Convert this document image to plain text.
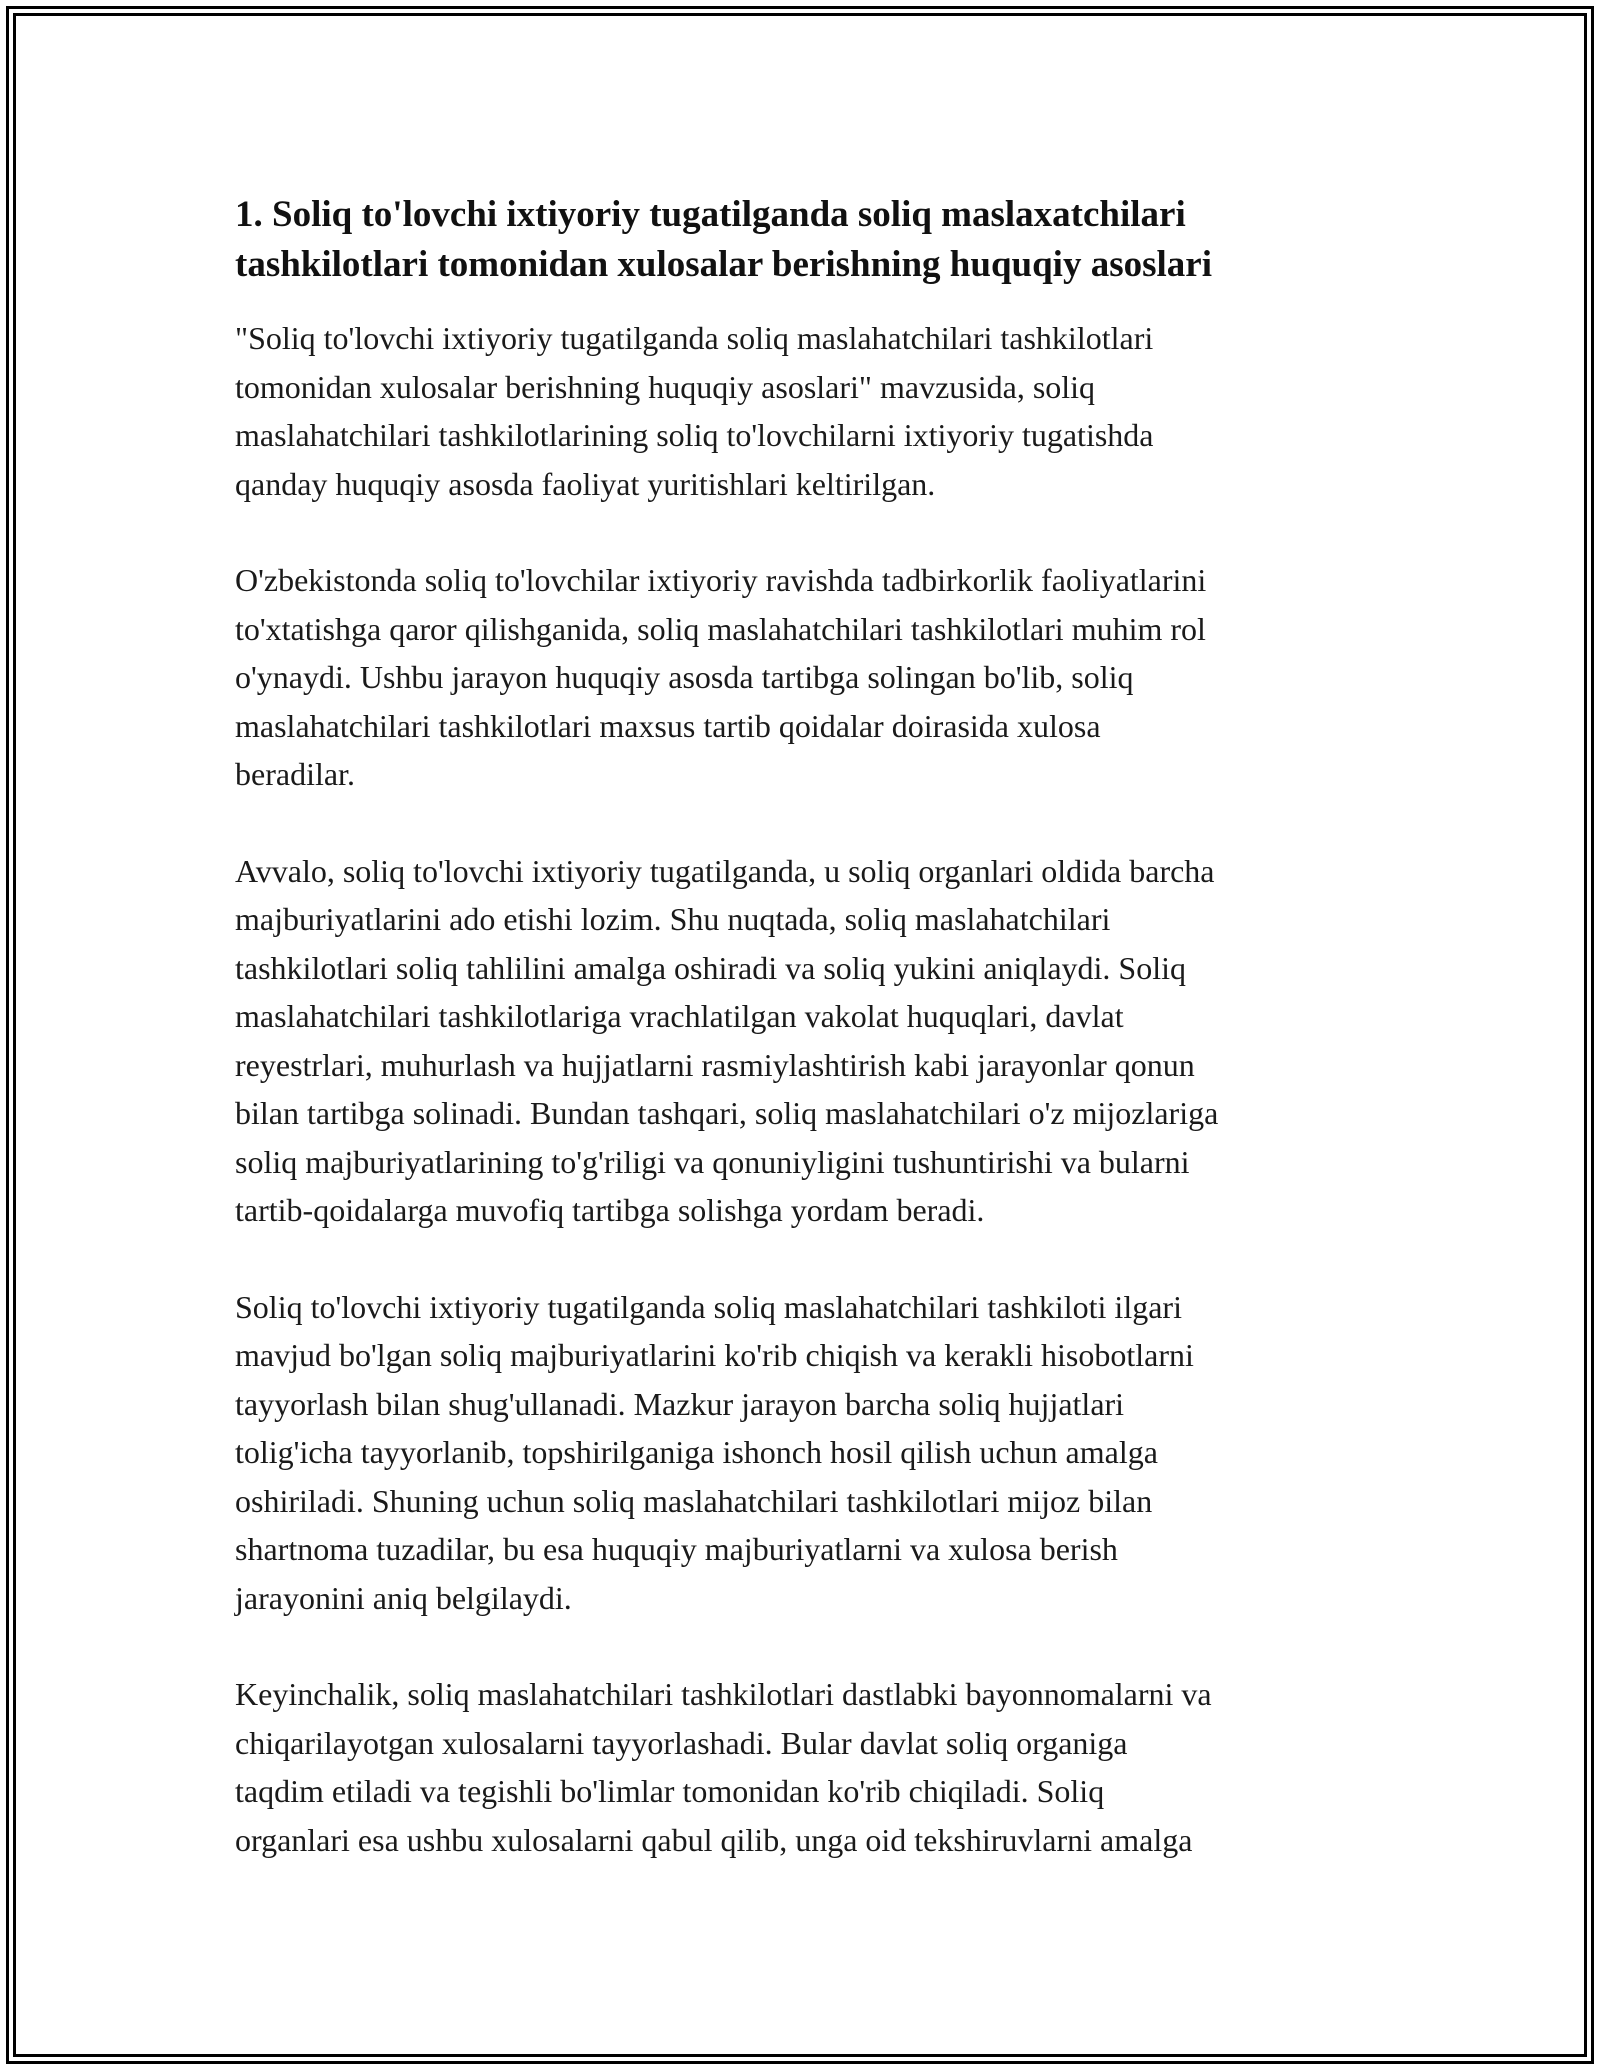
1. Soliq to'lovchi ixtiyoriy tugatilganda soliq maslaxatchilari
tashkilotlari tomonidan xulosalar berishning huquqiy asoslari

"Soliq to'lovchi ixtiyoriy tugatilganda soliq maslahatchilari tashkilotlari
tomonidan xulosalar berishning huquqiy asoslari" mavzusida, soliq
maslahatchilari tashkilotlarining soliq to'lovchilarni ixtiyoriy tugatishda
qanday huquqiy asosda faoliyat yuritishlari keltirilgan.

O'zbekistonda soliq to'lovchilar ixtiyoriy ravishda tadbirkorlik faoliyatlarini
to'xtatishga qaror qilishganida, soliq maslahatchilari tashkilotlari muhim rol
o'ynaydi. Ushbu jarayon huquqiy asosda tartibga solingan bo'lib, soliq
maslahatchilari tashkilotlari maxsus tartib qoidalar doirasida xulosa
beradilar.

Avvalo, soliq to'lovchi ixtiyoriy tugatilganda, u soliq organlari oldida barcha
majburiyatlarini ado etishi lozim. Shu nuqtada, soliq maslahatchilari
tashkilotlari soliq tahlilini amalga oshiradi va soliq yukini aniqlaydi. Soliq
maslahatchilari tashkilotlariga vrachlatilgan vakolat huquqlari, davlat
reyestrlari, muhurlash va hujjatlarni rasmiylashtirish kabi jarayonlar qonun
bilan tartibga solinadi. Bundan tashqari, soliq maslahatchilari o'z mijozlariga
soliq majburiyatlarining to'g'riligi va qonuniyligini tushuntirishi va bularni
tartib-qoidalarga muvofiq tartibga solishga yordam beradi.

Soliq to'lovchi ixtiyoriy tugatilganda soliq maslahatchilari tashkiloti ilgari
mavjud bo'lgan soliq majburiyatlarini ko'rib chiqish va kerakli hisobotlarni
tayyorlash bilan shug'ullanadi. Mazkur jarayon barcha soliq hujjatlari
tolig'icha tayyorlanib, topshirilganiga ishonch hosil qilish uchun amalga
oshiriladi. Shuning uchun soliq maslahatchilari tashkilotlari mijoz bilan
shartnoma tuzadilar, bu esa huquqiy majburiyatlarni va xulosa berish
jarayonini aniq belgilaydi.

Keyinchalik, soliq maslahatchilari tashkilotlari dastlabki bayonnomalarni va
chiqarilayotgan xulosalarni tayyorlashadi. Bular davlat soliq organiga
taqdim etiladi va tegishli bo'limlar tomonidan ko'rib chiqiladi. Soliq
organlari esa ushbu xulosalarni qabul qilib, unga oid tekshiruvlarni amalga
